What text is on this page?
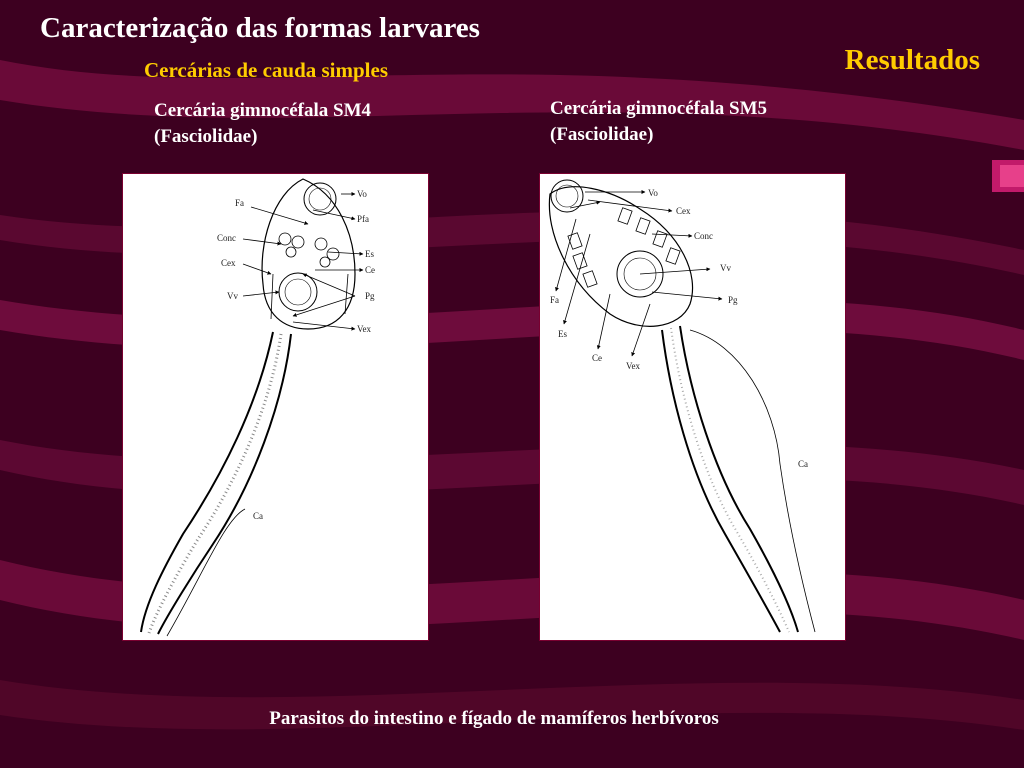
Caracterização das formas larvares
Cercárias de cauda simples	Resultados
Cercária gimnocéfala SM4
(Fasciolidae)
Cercária gimnocéfala SM5
(Fasciolidae)
Vo
Fa
Pfa
Conc
Es
Cex
Ce
Vv	Pg
Vex
Ca
Vo
Cex
Conc
Vv
Fa	Pg
Es
Ce
Vex
Ca
Parasitos do intestino e fígado de mamíferos herbívoros
